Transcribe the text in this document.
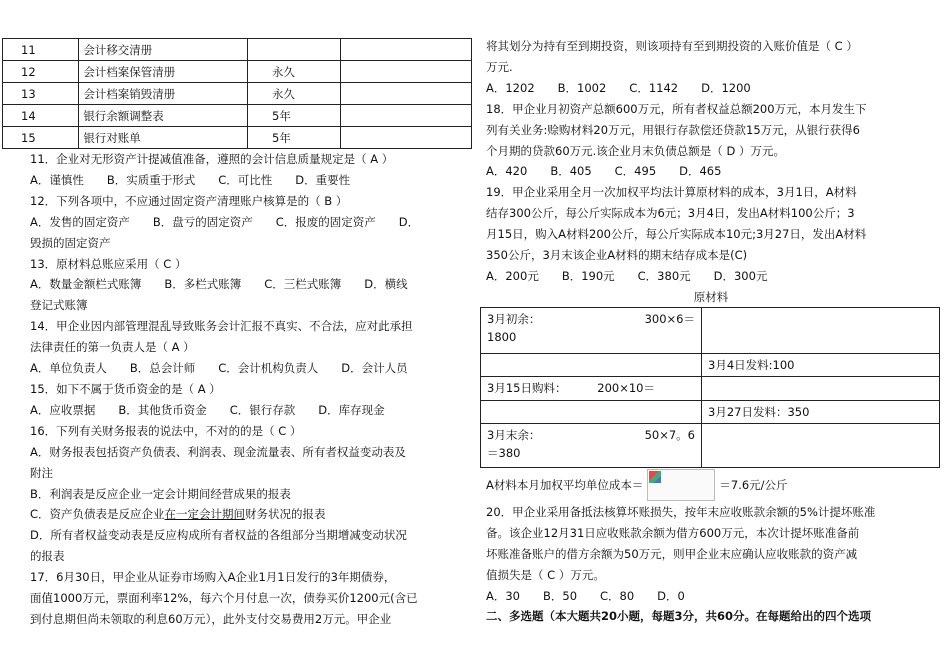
11	会计移交清册		
12	会计档案保管清册	永久	
13	会计档案销毁清册	永久	
14	银行余额调整表	5年	
15	银行对账单	5年	

11．企业对无形资产计提减值准备，遵照的会计信息质量规定是（ A ）

A．谨慎性　　B．实质重于形式　　C．可比性　　D．重要性

12．下列各项中，不应通过固定资产清理账户核算是的（ B ）

A．发售的固定资产　　B．盘亏的固定资产　　C．报废的固定资产　　D．

毁损的固定资产

13．原材料总账应采用（ C ）

A．数量金额栏式账簿　　B．多栏式账簿　　C．三栏式账簿　　D．横线

登记式账簿

14．甲企业因内部管理混乱导致账务会计汇报不真实、不合法，应对此承担

法律责任的第一负责人是（ A ）

A．单位负责人　　B．总会计师　　C．会计机构负责人　　D．会计人员

15．如下不属于货币资金的是（ A ）

A．应收票据　　B．其他货币资金　　C．银行存款　　D．库存现金

16．下列有关财务报表的说法中，不对的的是（ C ）

A．财务报表包括资产负债表、利润表、现金流量表、所有者权益变动表及

附注

B．利润表是反应企业一定会计期间经营成果的报表

C．资产负债表是反应企业在一定会计期间财务状况的报表

D．所有者权益变动表是反应构成所有者权益的各组部分当期增减变动状况

的报表

17．6月30日，甲企业从证券市场购入A企业1月1日发行的3年期债券，

面值1000万元，票面利率12%，每六个月付息一次，债券买价1200元(含已

到付息期但尚未领取的利息60万元），此外支付交易费用2万元。甲企业

将其划分为持有至到期投资，则该项持有至到期投资的入账价值是（ C ）

万元.

A．1202　　B．1002　　C．1142　　D．1200

18．甲企业月初资产总额600万元，所有者权益总额200万元，本月发生下

列有关业务:赊购材料20万元，用银行存款偿还贷款15万元，从银行获得6

个月期的贷款60万元.该企业月末负债总额是（ D ）万元。

A．420　　B．405　　C．495　　D．465

19．甲企业采用全月一次加权平均法计算原材料的成本，3月1日，A材料

结存300公斤，每公斤实际成本为6元；3月4日，发出A材料100公斤；3

月15日，购入A材料200公斤，每公斤实际成本10元;3月27日，发出A材料

350公斤，3月末该企业A材料的期末结存成本是(C)

A．200元　　B．190元　　C．380元　　D．300元

原材料
3月初余： 300×6＝
1800	

	3月4日发料:100

3月15日购料： 200×10＝	

	3月27日发料：350

3月末余： 50×7。6
＝380	

A材料本月加权平均单位成本＝	＝7.6元/公斤

20．甲企业采用备抵法核算坏账损失，按年末应收账款余额的5%计提坏账准

备。该企业12月31日应收账款余额为借方600万元，本次计提坏账准备前

坏账准备账户的借方余额为50万元，则甲企业末应确认应收账款的资产减

值损失是（ C ）万元。

A．30　　B．50　　C．80　　D．0

二、多选题（本大题共20小题，每题3分，共60分。在每题给出的四个选项
